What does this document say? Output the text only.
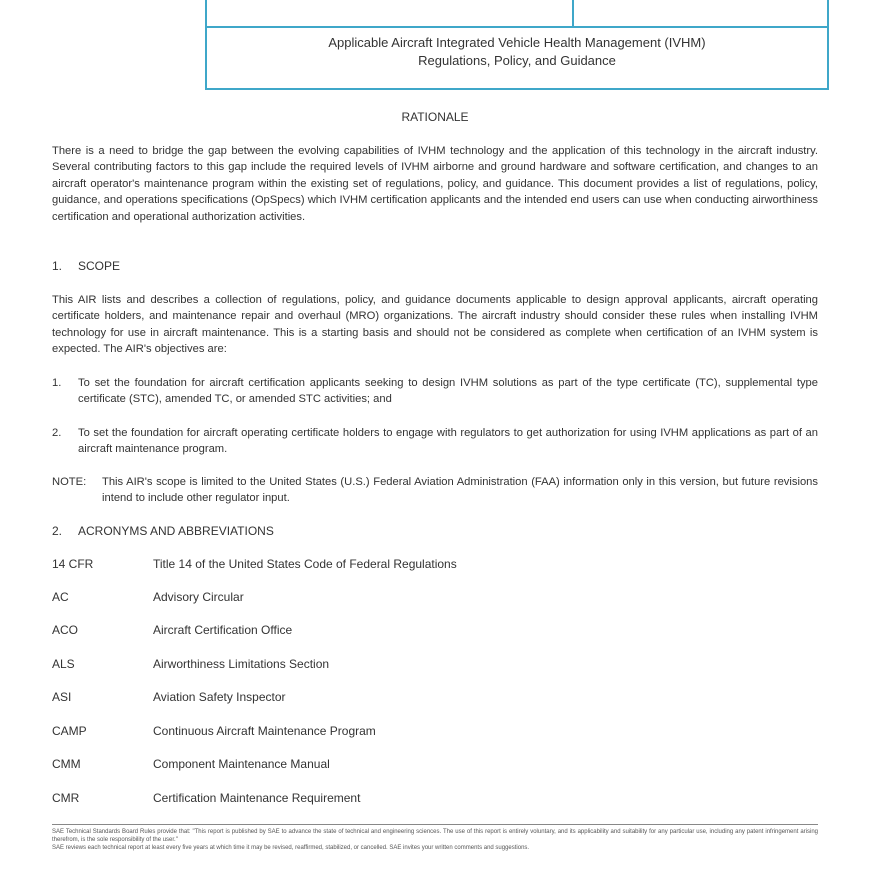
Applicable Aircraft Integrated Vehicle Health Management (IVHM)
Regulations, Policy, and Guidance
RATIONALE
There is a need to bridge the gap between the evolving capabilities of IVHM technology and the application of this technology in the aircraft industry. Several contributing factors to this gap include the required levels of IVHM airborne and ground hardware and software certification, and changes to an aircraft operator's maintenance program within the existing set of regulations, policy, and guidance. This document provides a list of regulations, policy, guidance, and operations specifications (OpSpecs) which IVHM certification applicants and the intended end users can use when conducting airworthiness certification and operational authorization activities.
1. SCOPE
This AIR lists and describes a collection of regulations, policy, and guidance documents applicable to design approval applicants, aircraft operating certificate holders, and maintenance repair and overhaul (MRO) organizations. The aircraft industry should consider these rules when installing IVHM technology for use in aircraft maintenance. This is a starting basis and should not be considered as complete when certification of an IVHM system is expected. The AIR's objectives are:
1. To set the foundation for aircraft certification applicants seeking to design IVHM solutions as part of the type certificate (TC), supplemental type certificate (STC), amended TC, or amended STC activities; and
2. To set the foundation for aircraft operating certificate holders to engage with regulators to get authorization for using IVHM applications as part of an aircraft maintenance program.
NOTE: This AIR's scope is limited to the United States (U.S.) Federal Aviation Administration (FAA) information only in this version, but future revisions intend to include other regulator input.
2. ACRONYMS AND ABBREVIATIONS
14 CFR	Title 14 of the United States Code of Federal Regulations
AC	Advisory Circular
ACO	Aircraft Certification Office
ALS	Airworthiness Limitations Section
ASI	Aviation Safety Inspector
CAMP	Continuous Aircraft Maintenance Program
CMM	Component Maintenance Manual
CMR	Certification Maintenance Requirement
SAE Technical Standards Board Rules provide that: "This report is published by SAE to advance the state of technical and engineering sciences. The use of this report is entirely voluntary, and its applicability and suitability for any particular use, including any patent infringement arising therefrom, is the sole responsibility of the user."
SAE reviews each technical report at least every five years at which time it may be revised, reaffirmed, stabilized, or cancelled. SAE invites your written comments and suggestions.
